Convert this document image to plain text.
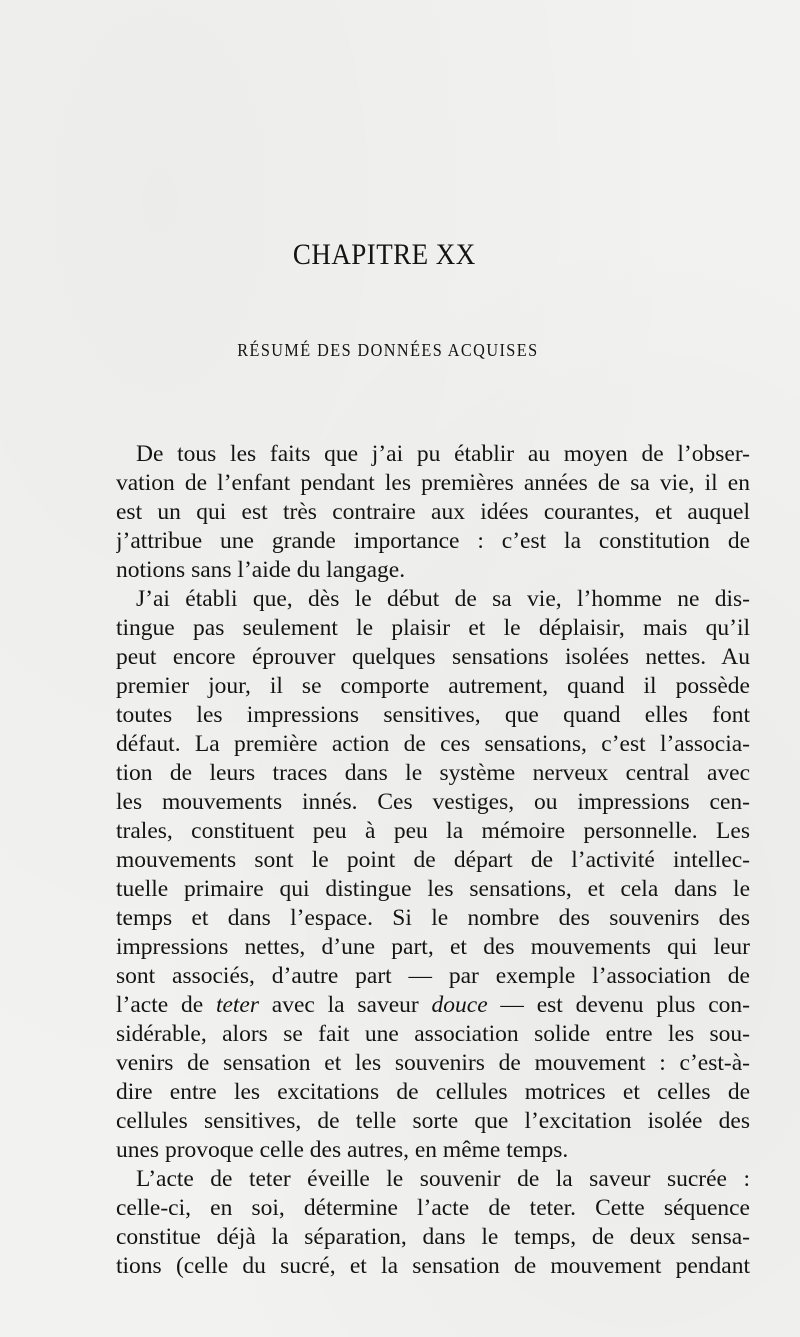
CHAPITRE XX
RÉSUMÉ DES DONNÉES ACQUISES
De tous les faits que j’ai pu établir au moyen de l’obser-
vation de l’enfant pendant les premières années de sa vie, il en
est un qui est très contraire aux idées courantes, et auquel
j’attribue une grande importance : c’est la constitution de
notions sans l’aide du langage.
J’ai établi que, dès le début de sa vie, l’homme ne dis-
tingue pas seulement le plaisir et le déplaisir, mais qu’il
peut encore éprouver quelques sensations isolées nettes. Au
premier jour, il se comporte autrement, quand il possède
toutes les impressions sensitives, que quand elles font
défaut. La première action de ces sensations, c’est l’associa-
tion de leurs traces dans le système nerveux central avec
les mouvements innés. Ces vestiges, ou impressions cen-
trales, constituent peu à peu la mémoire personnelle. Les
mouvements sont le point de départ de l’activité intellec-
tuelle primaire qui distingue les sensations, et cela dans le
temps et dans l’espace. Si le nombre des souvenirs des
impressions nettes, d’une part, et des mouvements qui leur
sont associés, d’autre part — par exemple l’association de
l’acte de teter avec la saveur douce — est devenu plus con-
sidérable, alors se fait une association solide entre les sou-
venirs de sensation et les souvenirs de mouvement : c’est-à-
dire entre les excitations de cellules motrices et celles de
cellules sensitives, de telle sorte que l’excitation isolée des
unes provoque celle des autres, en même temps.
L’acte de teter éveille le souvenir de la saveur sucrée :
celle-ci, en soi, détermine l’acte de teter. Cette séquence
constitue déjà la séparation, dans le temps, de deux sensa-
tions (celle du sucré, et la sensation de mouvement pendant
